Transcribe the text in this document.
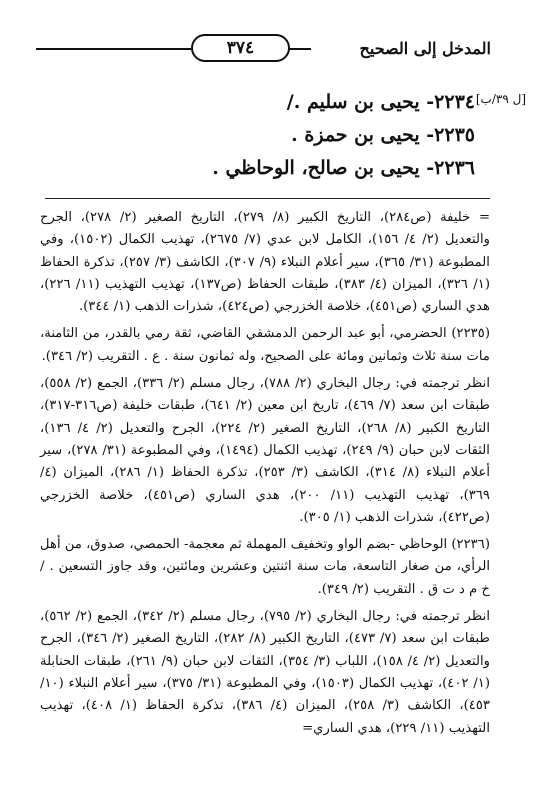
المدخل إلى الصحيح
٣٧٤
[ل ٣٩/ب]

٢٢٣٤- يحيى بن سليم ./

٢٢٣٥- يحيى بن حمزة .

٢٢٣٦- يحيى بن صالح، الوحاظي .

= خليفة (ص٢٨٤)، التاريخ الكبير (٨/ ٢٧٩)، التاريخ الصغير (٢/ ٢٧٨)، الجرح والتعديل (٢/ ٤/ ١٥٦)، الكامل لابن عدي (٧/ ٢٦٧٥)، تهذيب الكمال (١٥٠٢)، وفي المطبوعة (٣١/ ٣٦٥)، سير أعلام النبلاء (٩/ ٣٠٧)، الكاشف (٣/ ٢٥٧)، تذكرة الحفاظ (١/ ٣٢٦)، الميزان (٤/ ٣٨٣)، طبقات الحفاظ (ص١٣٧)، تهذيب التهذيب (١١/ ٢٢٦)، هدي الساري (ص٤٥١)، خلاصة الخزرجي (ص٤٢٤)، شذرات الذهب (١/ ٣٤٤).

(٢٢٣٥) الحضرمي، أبو عبد الرحمن الدمشقي القاضي، ثقة رمي بالقدر، من الثامنة، مات سنة ثلاث وثمانين ومائة على الصحيح، وله ثمانون سنة . ع . التقريب (٢/ ٣٤٦).

انظر ترجمته في: رجال البخاري (٢/ ٧٨٨)، رجال مسلم (٢/ ٣٣٦)، الجمع (٢/ ٥٥٨)، طبقات ابن سعد (٧/ ٤٦٩)، تاريخ ابن معين (٢/ ٦٤١)، طبقات خليفة (ص٣١٦-٣١٧)، التاريخ الكبير (٨/ ٢٦٨)، التاريخ الصغير (٢/ ٢٢٤)، الجرح والتعديل (٢/ ٤/ ١٣٦)، الثقات لابن حبان (٩/ ٢٤٩)، تهذيب الكمال (١٤٩٤)، وفي المطبوعة (٣١/ ٢٧٨)، سير أعلام النبلاء (٨/ ٣١٤)، الكاشف (٣/ ٢٥٣)، تذكرة الحفاظ (١/ ٢٨٦)، الميزان (٤/ ٣٦٩)، تهذيب التهذيب (١١/ ٢٠٠)، هدي الساري (ص٤٥١)، خلاصة الخزرجي (ص٤٢٢)، شذرات الذهب (١/ ٣٠٥).

(٢٢٣٦) الوحاظي -بضم الواو وتخفيف المهملة ثم معجمة- الحمصي، صدوق، من أهل الرأي، من صغار التاسعة، مات سنة اثنتين وعشرين ومائتين، وقد جاوز التسعين . / خ م د ت ق . التقريب (٢/ ٣٤٩).

انظر ترجمته في: رجال البخاري (٢/ ٧٩٥)، رجال مسلم (٢/ ٣٤٢)، الجمع (٢/ ٥٦٢)، طبقات ابن سعد (٧/ ٤٧٣)، التاريخ الكبير (٨/ ٢٨٢)، التاريخ الصغير (٢/ ٣٤٦)، الجرح والتعديل (٢/ ٤/ ١٥٨)، اللباب (٣/ ٣٥٤)، الثقات لابن حبان (٩/ ٢٦١)، طبقات الحنابلة (١/ ٤٠٢)، تهذيب الكمال (١٥٠٣)، وفي المطبوعة (٣١/ ٣٧٥)، سير أعلام النبلاء (١٠/ ٤٥٣)، الكاشف (٣/ ٢٥٨)، الميزان (٤/ ٣٨٦)، تذكرة الحفاظ (١/ ٤٠٨)، تهذيب التهذيب (١١/ ٢٢٩)، هدي الساري=
